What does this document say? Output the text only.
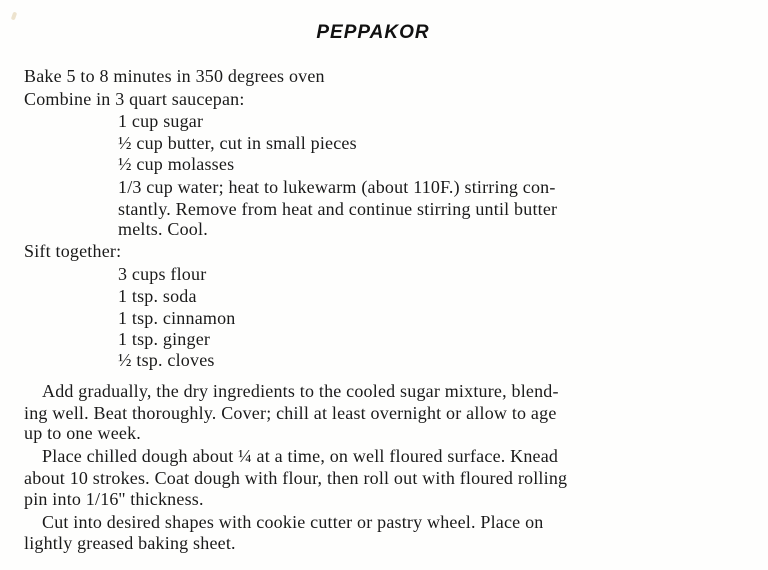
PEPPAKOR
Bake 5 to 8 minutes in 350 degrees oven
Combine in 3 quart saucepan:
1 cup sugar
½ cup butter, cut in small pieces
½ cup molasses
1/3 cup water; heat to lukewarm (about 110F.) stirring con-
stantly. Remove from heat and continue stirring until butter
melts. Cool.
Sift together:
3 cups flour
1 tsp. soda
1 tsp. cinnamon
1 tsp. ginger
½ tsp. cloves
Add gradually, the dry ingredients to the cooled sugar mixture, blend-
ing well. Beat thoroughly. Cover; chill at least overnight or allow to age
up to one week.
Place chilled dough about ¼ at a time, on well floured surface. Knead
about 10 strokes. Coat dough with flour, then roll out with floured rolling
pin into 1/16'' thickness.
Cut into desired shapes with cookie cutter or pastry wheel. Place on
lightly greased baking sheet.
